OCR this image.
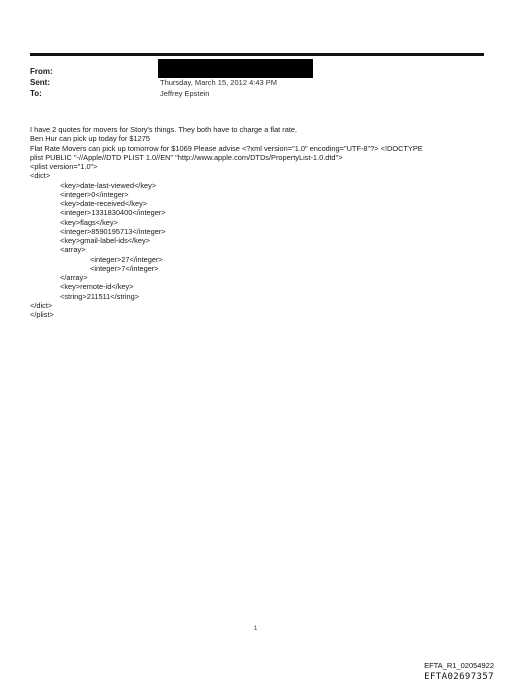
From:
Sent:	Thursday, March 15, 2012 4:43 PM
To:	Jeffrey Epstein
I have 2 quotes for movers for Story's things. They both have to charge a flat rate.
Ben Hur can pick up today for $1275
Flat Rate Movers can pick up tomorrow for $1069 Please advise <?xml version="1.0" encoding="UTF-8"?> <!DOCTYPE
plist PUBLIC "-//Apple//DTD PLIST 1.0//EN" "http://www.apple.com/DTDs/PropertyList-1.0.dtd">
<plist version="1.0">
<dict>
<key>date-last-viewed</key>
<integer>0</integer>
<key>date-received</key>
<integer>1331830400</integer>
<key>flags</key>
<integer>8590195713</integer>
<key>gmail-label-ids</key>
<array>
<integer>27</integer>
<integer>7</integer>
</array>
<key>remote-id</key>
<string>211511</string>
</dict>
</plist>
1
EFTA_R1_02054922
EFTA02697357
